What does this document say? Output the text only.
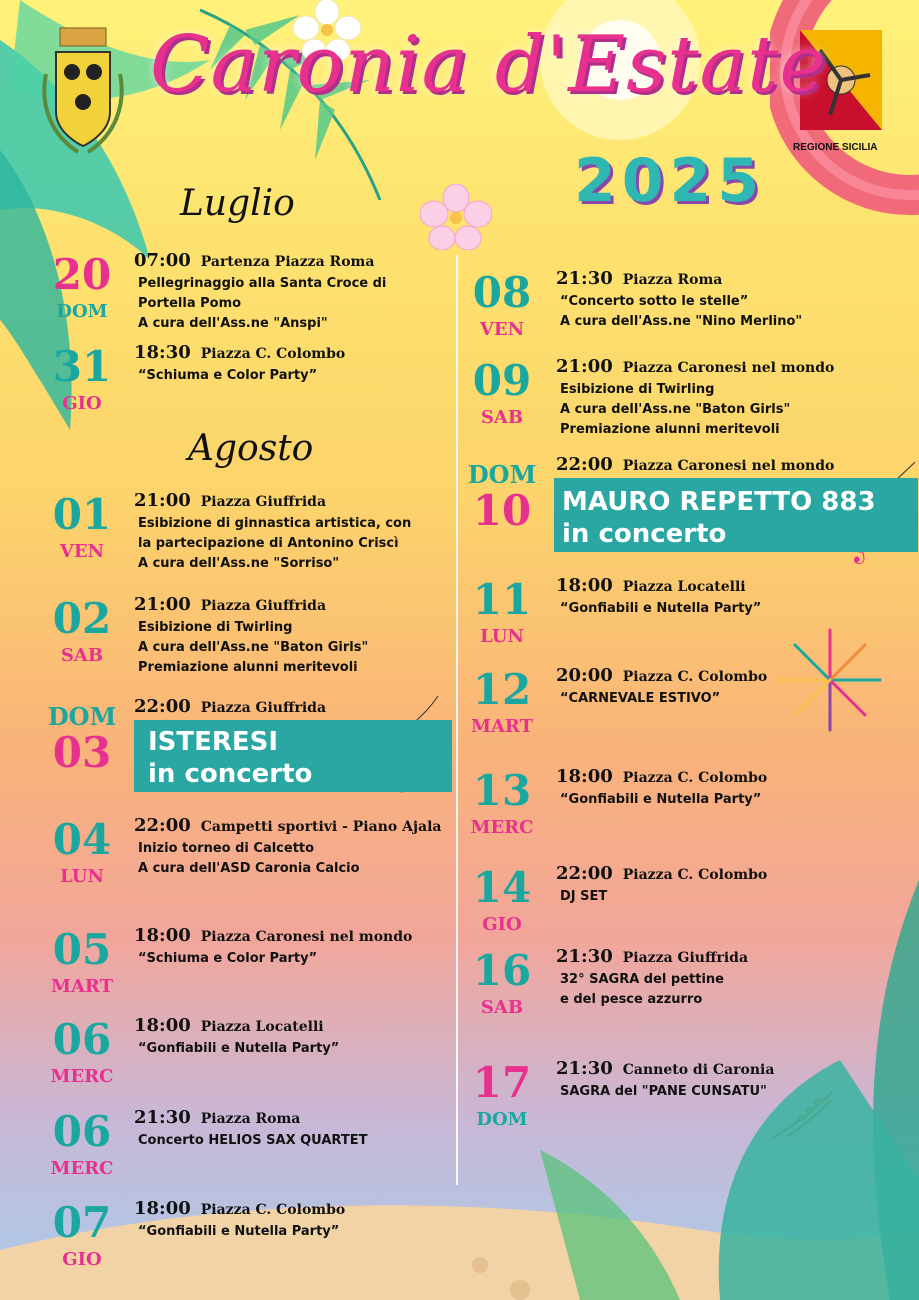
REGIONE SICILIA
Caronia d'Estate
2025
Luglio
Agosto
20
DOM
07:00 Partenza Piazza Roma
Pellegrinaggio alla Santa Croce di
Portella Pomo
A cura dell'Ass.ne "Anspi"
31
GIO
18:30 Piazza C. Colombo
“Schiuma e Color Party”
01
VEN
21:00 Piazza Giuffrida
Esibizione di ginnastica artistica, con
la partecipazione di Antonino Criscì
A cura dell'Ass.ne "Sorriso"
02
SAB
21:00 Piazza Giuffrida
Esibizione di Twirling
A cura dell'Ass.ne "Baton Girls"
Premiazione alunni meritevoli
DOM
03
22:00 Piazza Giuffrida
ISTERESI
in concerto
04
LUN
22:00 Campetti sportivi - Piano Ajala
Inizio torneo di Calcetto
A cura dell'ASD Caronia Calcio
05
MART
18:00 Piazza Caronesi nel mondo
“Schiuma e Color Party”
06
MERC
18:00 Piazza Locatelli
“Gonfiabili e Nutella Party”
06
MERC
21:30 Piazza Roma
Concerto HELIOS SAX QUARTET
07
GIO
18:00 Piazza C. Colombo
“Gonfiabili e Nutella Party”
08
VEN
21:30 Piazza Roma
“Concerto sotto le stelle”
A cura dell'Ass.ne "Nino Merlino"
09
SAB
21:00 Piazza Caronesi nel mondo
Esibizione di Twirling
A cura dell'Ass.ne "Baton Girls"
Premiazione alunni meritevoli
DOM
10
22:00 Piazza Caronesi nel mondo
MAURO REPETTO 883
in concerto
11
LUN
18:00 Piazza Locatelli
“Gonfiabili e Nutella Party”
12
MART
20:00 Piazza C. Colombo
“CARNEVALE ESTIVO”
13
MERC
18:00 Piazza C. Colombo
“Gonfiabili e Nutella Party”
14
GIO
22:00 Piazza C. Colombo
DJ SET
16
SAB
21:30 Piazza Giuffrida
32° SAGRA del pettine
e del pesce azzurro
17
DOM
21:30 Canneto di Caronia
SAGRA del "PANE CUNSATU"
